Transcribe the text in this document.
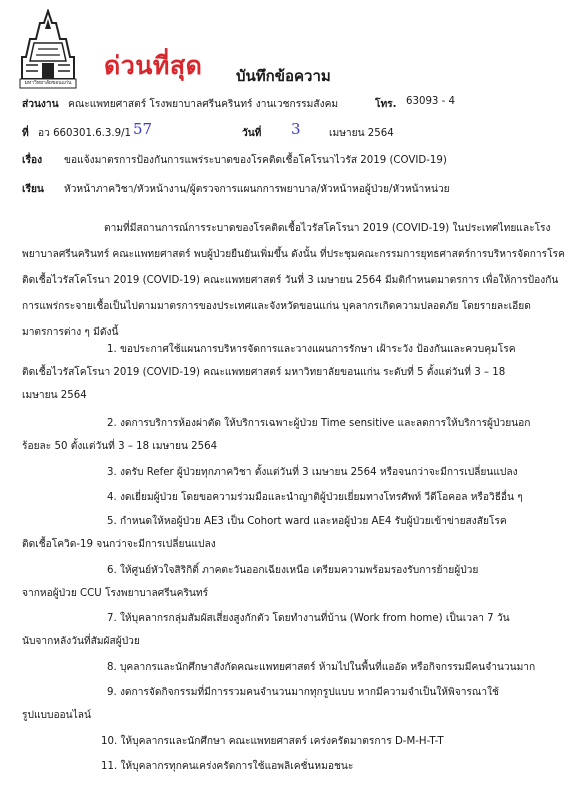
มหาวิทยาลัยขอนแก่น
ด่วนที่สุด บันทึกข้อความ
ส่วนงาน คณะแพทยศาสตร์ โรงพยาบาลศรีนครินทร์ งานเวชกรรมสังคม	โทร. 63093 - 4
ที่ อว 660301.6.3.9/1 57	วันที่ 3	เมษายน 2564
เรื่อง ขอแจ้งมาตรการป้องกันการแพร่ระบาดของโรคติดเชื้อโคโรนาไวรัส 2019 (COVID-19)
เรียน หัวหน้าภาควิชา/หัวหน้างาน/ผู้ตรวจการแผนกการพยาบาล/หัวหน้าหอผู้ป่วย/หัวหน้าหน่วย
ตามที่มีสถานการณ์การระบาดของโรคติดเชื้อไวรัสโคโรนา 2019 (COVID-19) ในประเทศไทยและโรงพยาบาลศรีนครินทร์ คณะแพทยศาสตร์ พบผู้ป่วยยืนยันเพิ่มขึ้น ดังนั้น ที่ประชุมคณะกรรมการยุทธศาสตร์การบริหารจัดการโรคติดเชื้อไวรัสโคโรนา 2019 (COVID-19) คณะแพทยศาสตร์ วันที่ 3 เมษายน 2564 มีมติกำหนดมาตรการ เพื่อให้การป้องกันการแพร่กระจายเชื้อเป็นไปตามมาตรการของประเทศและจังหวัดขอนแก่น บุคลากรเกิดความปลอดภัย โดยรายละเอียดมาตรการต่าง ๆ มีดังนี้
1. ขอประกาศใช้แผนการบริหารจัดการและวางแผนการรักษา เฝ้าระวัง ป้องกันและควบคุมโรค
ติดเชื้อไวรัสโคโรนา 2019 (COVID-19) คณะแพทยศาสตร์ มหาวิทยาลัยขอนแก่น ระดับที่ 5 ตั้งแต่วันที่ 3 – 18
เมษายน 2564
2. งดการบริการห้องผ่าตัด ให้บริการเฉพาะผู้ป่วย Time sensitive และลดการให้บริการผู้ป่วยนอก
ร้อยละ 50 ตั้งแต่วันที่ 3 – 18 เมษายน 2564
3. งดรับ Refer ผู้ป่วยทุกภาควิชา ตั้งแต่วันที่ 3 เมษายน 2564 หรือจนกว่าจะมีการเปลี่ยนแปลง
4. งดเยี่ยมผู้ป่วย โดยขอความร่วมมือและนำญาติผู้ป่วยเยี่ยมทางโทรศัพท์ วีดีโอคอล หรือวิธีอื่น ๆ
5. กำหนดให้หอผู้ป่วย AE3 เป็น Cohort ward และหอผู้ป่วย AE4 รับผู้ป่วยเข้าข่ายสงสัยโรค
ติดเชื้อโควิด-19 จนกว่าจะมีการเปลี่ยนแปลง
6. ให้ศูนย์หัวใจสิริกิติ์ ภาคตะวันออกเฉียงเหนือ เตรียมความพร้อมรองรับการย้ายผู้ป่วย
จากหอผู้ป่วย CCU โรงพยาบาลศรีนครินทร์
7. ให้บุคลากรกลุ่มสัมผัสเสี่ยงสูงกักตัว โดยทำงานที่บ้าน (Work from home) เป็นเวลา 7 วัน
นับจากหลังวันที่สัมผัสผู้ป่วย
8. บุคลากรและนักศึกษาสังกัดคณะแพทยศาสตร์ ห้ามไปในพื้นที่แออัด หรือกิจกรรมมีคนจำนวนมาก
9. งดการจัดกิจกรรมที่มีการรวมคนจำนวนมากทุกรูปแบบ หากมีความจำเป็นให้พิจารณาใช้
รูปแบบออนไลน์
10. ให้บุคลากรและนักศึกษา คณะแพทยศาสตร์ เคร่งครัดมาตรการ D-M-H-T-T
11. ให้บุคลากรทุกคนเคร่งครัดการใช้แอพลิเคชั่นหมอชนะ
